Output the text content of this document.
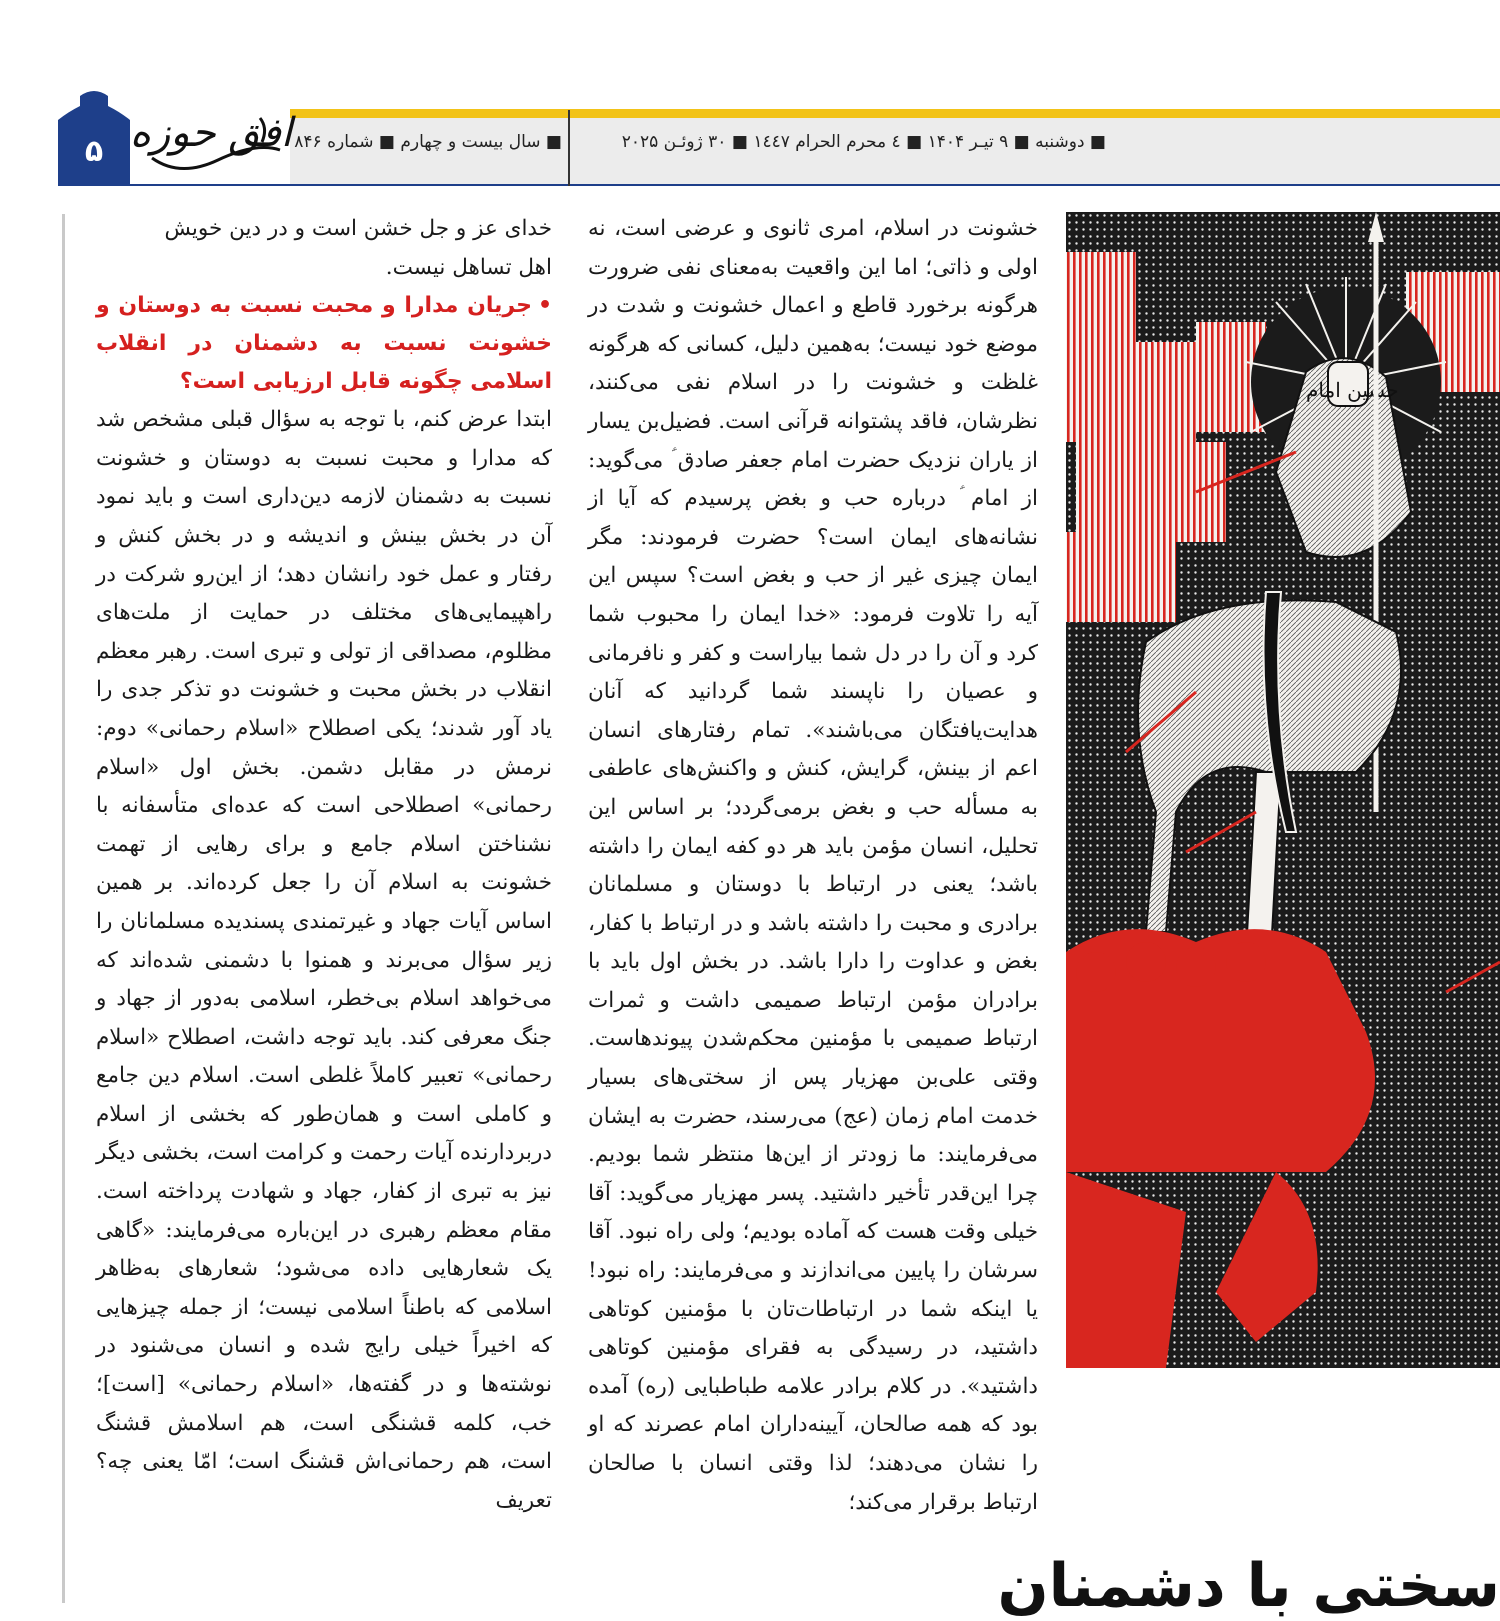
■ دوشنبه ■ ۹ تیـر ۱۴۰۴ ■ ٤ محرم الحرام ١٤٤٧ ■ ۳۰ ژوئـن ۲۰۲۵
■ سال بیست و چهارم ■ شماره ۸۴۶
۵ افق حوزه

خدای عز و جل خشن است و در دین خویش

اهل تساهل نیست.

•جریان مدارا و محبت نسبت به دوستان و خشونت نسبت به دشمنان در انقلاب اسلامی چگونه قابل ارزیابی است؟

ابتدا عرض کنم، با توجه به سؤال قبلی مشخص شد که مدارا و محبت نسبت به دوستان و خشونت نسبت به دشمنان لازمه دین‌داری است و باید نمود آن در بخش بینش و اندیشه و در بخش کنش و رفتار و عمل خود رانشان دهد؛ از این‌رو شرکت در راهپیمایی‌های مختلف در حمایت از ملت‌های مظلوم، مصداقی از تولی و تبری است. رهبر معظم انقلاب در بخش محبت و خشونت دو تذکر جدی را یاد آور شدند؛ یکی اصطلاح «اسلام رحمانی» دوم: نرمش در مقابل دشمن. بخش اول «اسلام رحمانی» اصطلاحی است که عده‌ای متأسفانه با نشناختن اسلام جامع و برای رهایی از تهمت خشونت به اسلام آن را جعل کرده‌اند. بر همین اساس آیات جهاد و غیرتمندی پسندیده مسلمانان را زیر سؤال می‌برند و همنوا با دشمنی شده‌اند که می‌خواهد اسلام بی‌خطر، اسلامی به‌دور از جهاد و جنگ معرفی کند. باید توجه داشت، اصطلاح «اسلام رحمانی» تعبیر کاملاً غلطی است. اسلام دین جامع و کاملی است و همان‌طور که بخشی از اسلام دربردارنده آیات رحمت و کرامت است، بخشی دیگر نیز به تبری از کفار، جهاد و شهادت پرداخته است. مقام معظم رهبری در این‌باره می‌فرمایند: «گاهی یک شعارهایی داده می‌شود؛ شعارهای به‌ظاهر اسلامی که باطناً اسلامی نیست؛ از جمله چیزهایی که اخیراً خیلی رایج شده و انسان می‌شنود در نوشته‌ها و در گفته‌ها، «اسلام رحمانی» [است]؛ خب، کلمه قشنگی است، هم اسلامش قشنگ است، هم رحمانی‌اش قشنگ است؛ امّا یعنی چه؟ تعریف

خشونت در اسلام، امری ثانوی و عرضی است، نه اولی و ذاتی؛ اما این واقعیت به‌معنای نفی ضرورت هرگونه برخورد قاطع و اعمال خشونت و شدت در موضع خود نیست؛ به‌همین دلیل، کسانی که هرگونه غلظت و خشونت را در اسلام نفی می‌کنند، نظرشان، فاقد پشتوانه قرآنی است. فضیل‌بن یسار از یاران نزدیک حضرت امام جعفر صادق ؑ می‌گوید: از امام ؑ درباره حب و بغض پرسیدم که آیا از نشانه‌های ایمان است؟ حضرت فرمودند: مگر ایمان چیزی غیر از حب و بغض است؟ سپس این آیه را تلاوت فرمود: «خدا ایمان را محبوب شما کرد و آن را در دل شما بیاراست و کفر و نافرمانی و عصیان را ناپسند شما گردانید که آنان هدایت‌یافتگان می‌باشند». تمام رفتارهای انسان اعم از بینش، گرایش، کنش و واکنش‌های عاطفی به مسأله حب و بغض برمی‌گردد؛ بر اساس این تحلیل، انسان مؤمن باید هر دو کفه ایمان را داشته باشد؛ یعنی در ارتباط با دوستان و مسلمانان برادری و محبت را داشته باشد و در ارتباط با کفار، بغض و عداوت را دارا باشد. در بخش اول باید با برادران مؤمن ارتباط صمیمی داشت و ثمرات ارتباط صمیمی با مؤمنین محکم‌شدن پیوندهاست. وقتی علی‌بن مهزیار پس از سختی‌های بسیار خدمت امام زمان (عج) می‌رسند، حضرت به ایشان می‌فرمایند: ما زودتر از این‌ها منتظر شما بودیم. چرا این‌قدر تأخیر داشتید. پسر مهزیار می‌گوید: آقا خیلی وقت هست که آماده بودیم؛ ولی راه نبود. آقا سرشان را پایین می‌اندازند و می‌فرمایند: راه نبود! یا اینکه شما در ارتباطات‌تان با مؤمنین کوتاهی داشتید، در رسیدگی به فقرای مؤمنین کوتاهی داشتید». در کلام برادر علامه طباطبایی (ره) آمده بود که همه صالحان، آیینه‌داران امام عصرند که او را نشان می‌دهند؛ لذا وقتی انسان با صالحان ارتباط برقرار می‌کند؛

حسین امام
سختی با دشمنان
